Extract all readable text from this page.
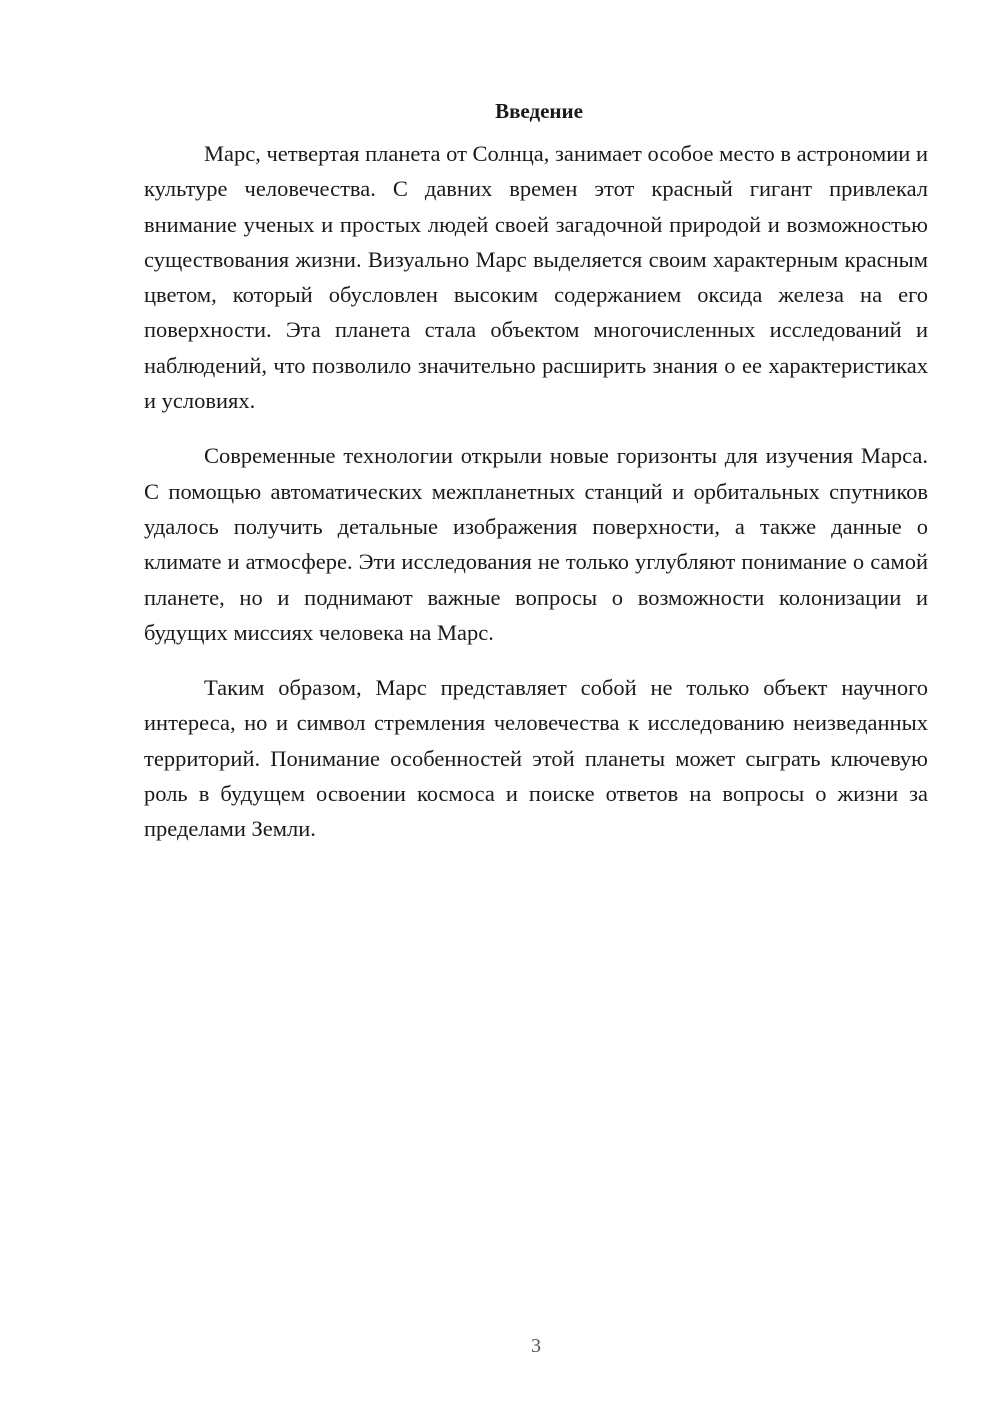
Введение

Марс, четвертая планета от Солнца, занимает особое место в астрономии и культуре человечества. С давних времен этот красный гигант привлекал внимание ученых и простых людей своей загадочной природой и возможностью существования жизни. Визуально Марс выделяется своим характерным красным цветом, который обусловлен высоким содержанием оксида железа на его поверхности. Эта планета стала объектом многочисленных исследований и наблюдений, что позволило значительно расширить знания о ее характеристиках и условиях.

Современные технологии открыли новые горизонты для изучения Марса. С помощью автоматических межпланетных станций и орбитальных спутников удалось получить детальные изображения поверхности, а также данные о климате и атмосфере. Эти исследования не только углубляют понимание о самой планете, но и поднимают важные вопросы о возможности колонизации и будущих миссиях человека на Марс.

Таким образом, Марс представляет собой не только объект научного интереса, но и символ стремления человечества к исследованию неизведанных территорий. Понимание особенностей этой планеты может сыграть ключевую роль в будущем освоении космоса и поиске ответов на вопросы о жизни за пределами Земли.

3
